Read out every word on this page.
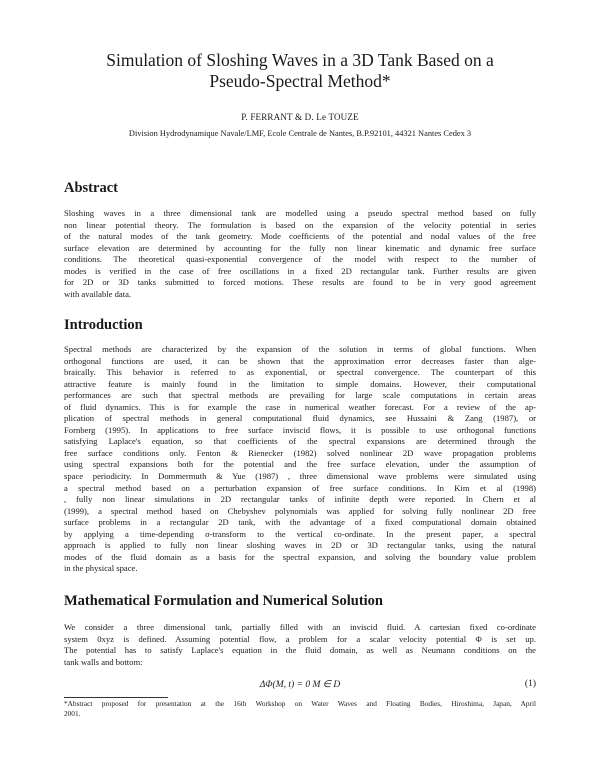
Simulation of Sloshing Waves in a 3D Tank Based on a
Pseudo-Spectral Method*
P. FERRANT & D. Le TOUZE
Division Hydrodynamique Navale/LMF, Ecole Centrale de Nantes, B.P.92101, 44321 Nantes Cedex 3
Abstract
Sloshing waves in a three dimensional tank are modelled using a pseudo spectral method based on fully
non linear potential theory. The formulation is based on the expansion of the velocity potential in series
of the natural modes of the tank geometry. Mode coefficients of the potential and nodal values of the free
surface elevation are determined by accounting for the fully non linear kinematic and dynamic free surface
conditions. The theoretical quasi-exponential convergence of the model with respect to the number of
modes is verified in the case of free oscillations in a fixed 2D rectangular tank. Further results are given
for 2D or 3D tanks submitted to forced motions. These results are found to be in very good agreement
with available data.
Introduction
Spectral methods are characterized by the expansion of the solution in terms of global functions. When
orthogonal functions are used, it can be shown that the approximation error decreases faster than alge-
braically. This behavior is referred to as exponential, or spectral convergence. The counterpart of this
attractive feature is mainly found in the limitation to simple domains. However, their computational
performances are such that spectral methods are prevailing for large scale computations in certain areas
of fluid dynamics. This is for example the case in numerical weather forecast. For a review of the ap-
plication of spectral methods in general computational fluid dynamics, see Hussaini & Zang (1987), or
Fornberg (1995). In applications to free surface inviscid flows, it is possible to use orthogonal functions
satisfying Laplace's equation, so that coefficients of the spectral expansions are determined through the
free surface conditions only. Fenton & Rienecker (1982) solved nonlinear 2D wave propagation problems
using spectral expansions both for the potential and the free surface elevation, under the assumption of
space periodicity. In Dommermuth & Yue (1987) , three dimensional wave problems were simulated using
a spectral method based on a perturbation expansion of free surface conditions. In Kim et al (1998)
, fully non linear simulations in 2D rectangular tanks of infinite depth were reported. In Chern et al
(1999), a spectral method based on Chebyshev polynomials was applied for solving fully nonlinear 2D free
surface problems in a rectangular 2D tank, with the advantage of a fixed computational domain obtained
by applying a time-depending σ-transform to the vertical co-ordinate. In the present paper, a spectral
approach is applied to fully non linear sloshing waves in 2D or 3D rectangular tanks, using the natural
modes of the fluid domain as a basis for the spectral expansion, and solving the boundary value problem
in the physical space.
Mathematical Formulation and Numerical Solution
We consider a three dimensional tank, partially filled with an inviscid fluid. A cartesian fixed co-ordinate
system 0xyz is defined. Assuming potential flow, a problem for a scalar velocity potential Φ is set up.
The potential has to satisfy Laplace's equation in the fluid domain, as well as Neumann conditions on the
tank walls and bottom:
ΔΦ(M, t) = 0 M ∈ D	(1)
*Abstract proposed for presentation at the 16th Workshop on Water Waves and Floating Bodies, Hiroshima, Japan, April
2001.
